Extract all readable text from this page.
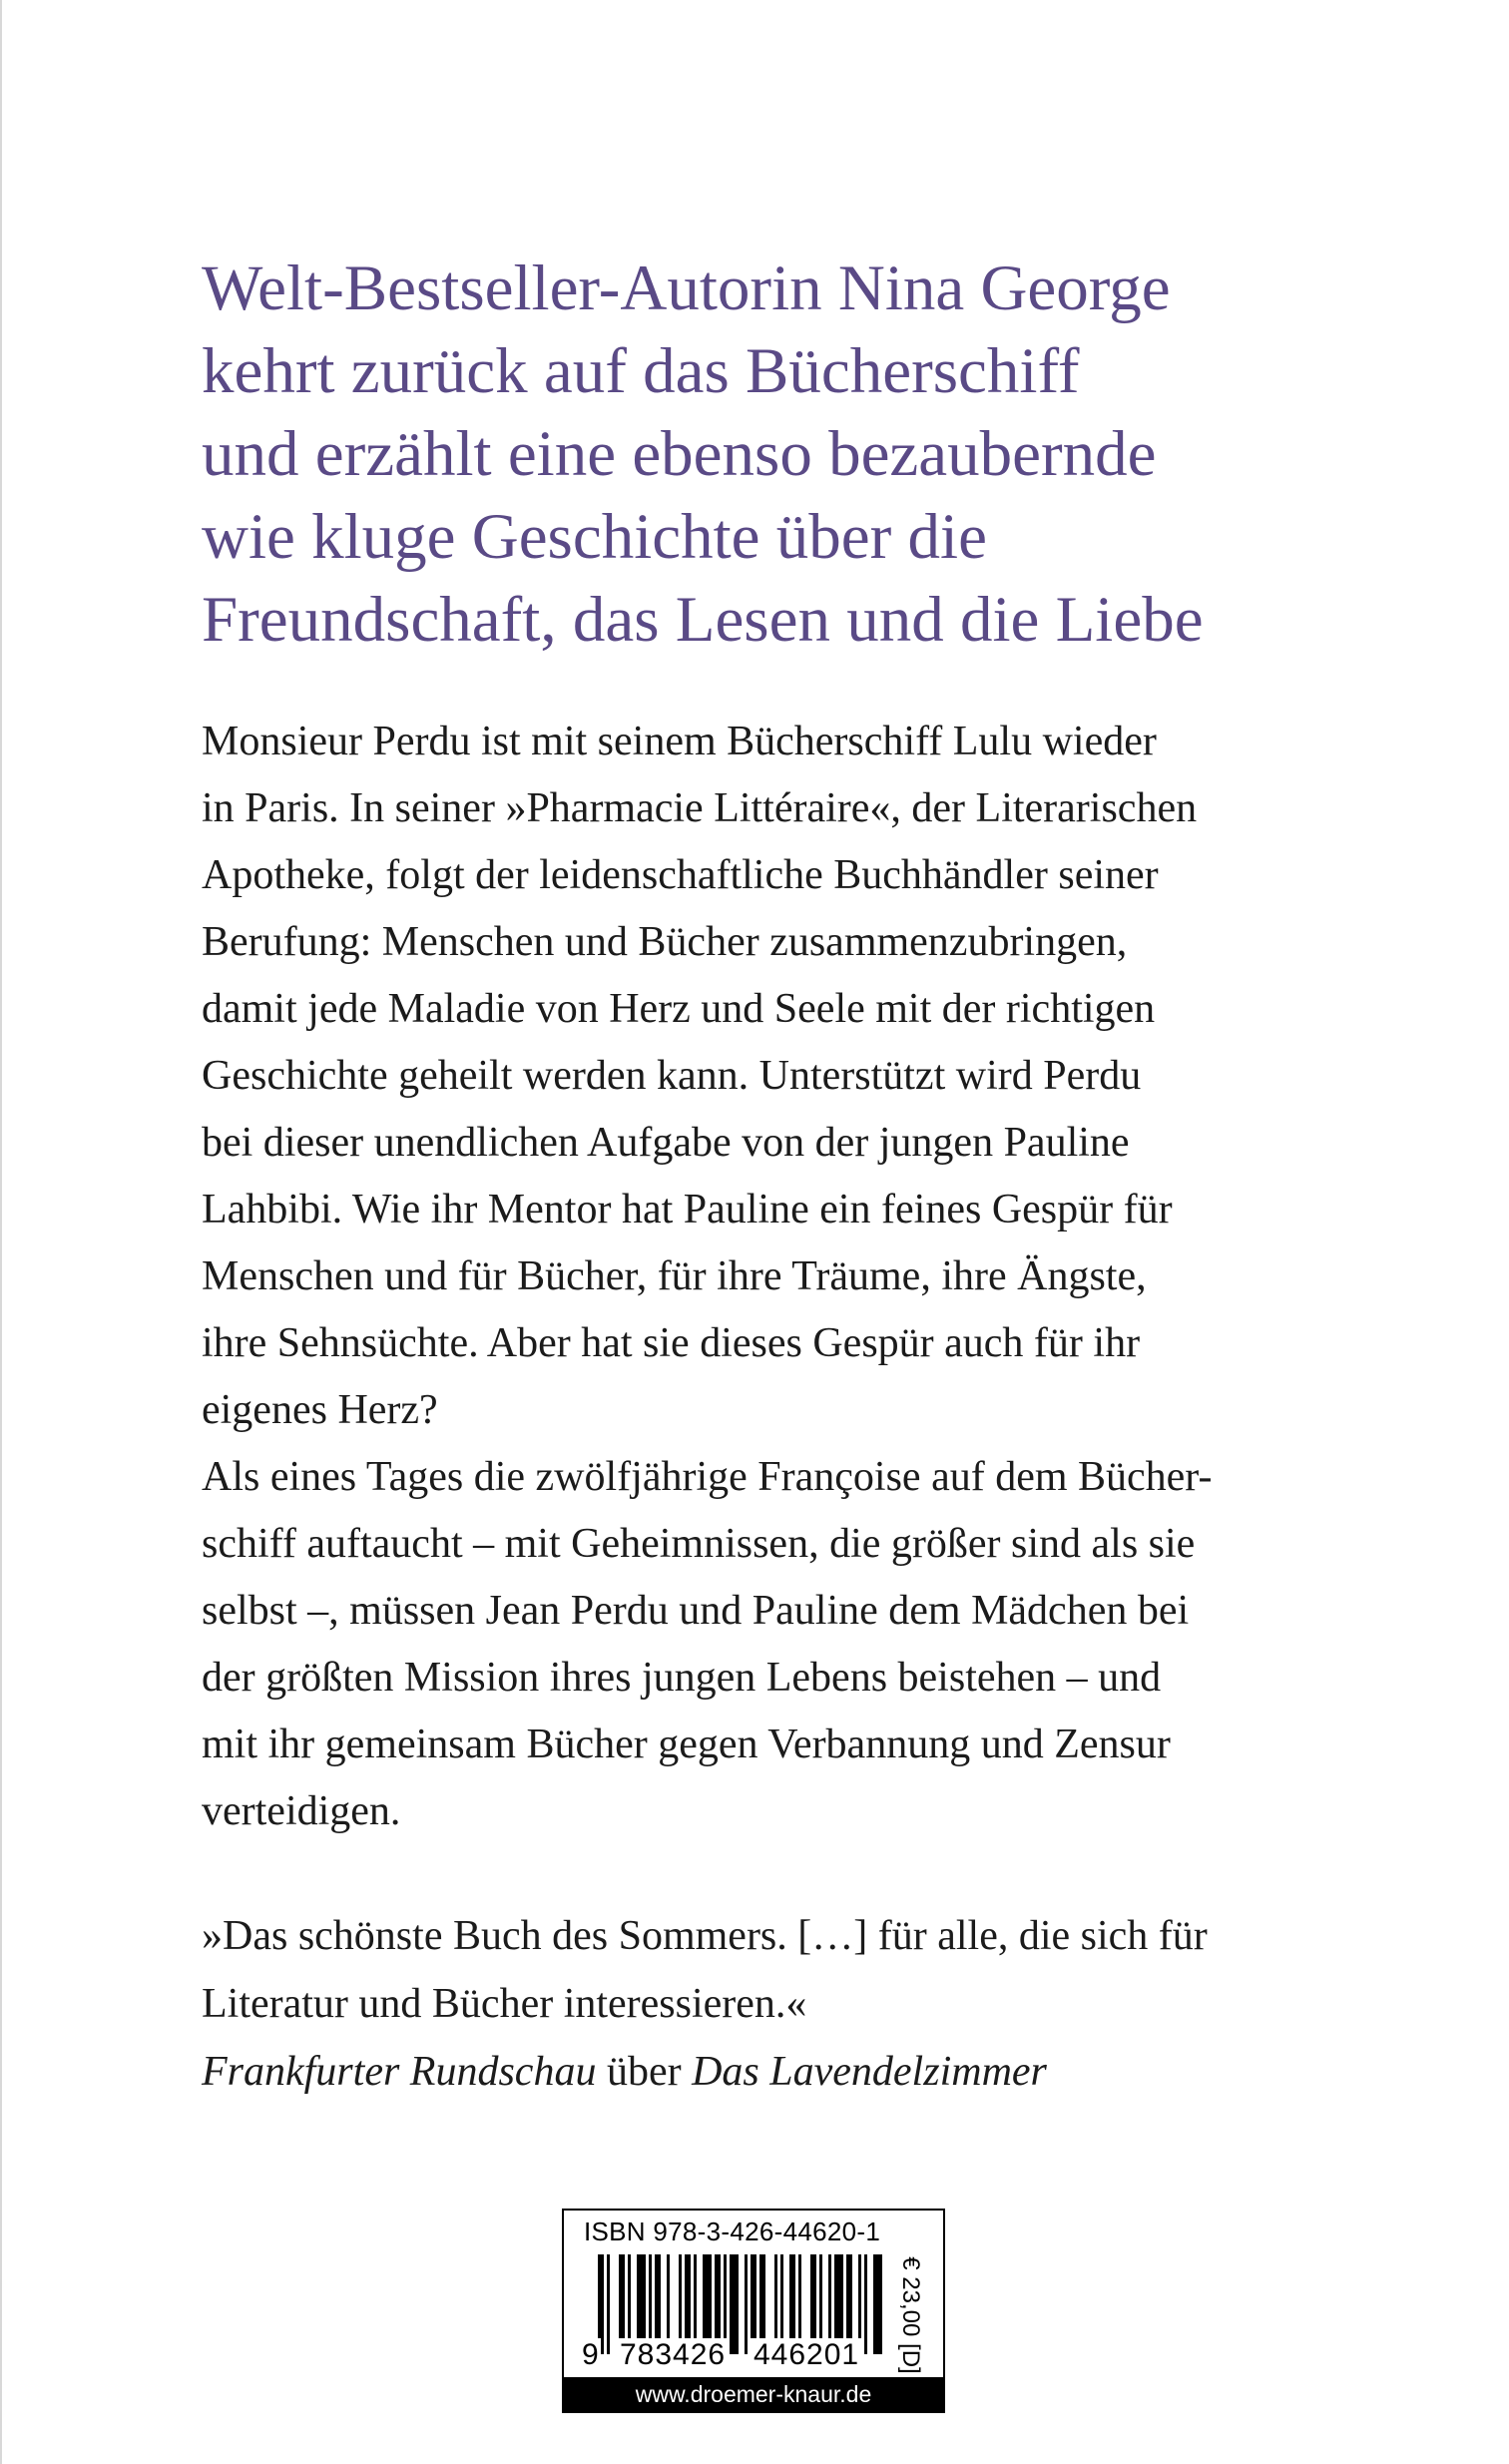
Welt-Bestseller-Autorin Nina George
kehrt zurück auf das Bücherschiff
und erzählt eine ebenso bezaubernde
wie kluge Geschichte über die
Freundschaft, das Lesen und die Liebe
Monsieur Perdu ist mit seinem Bücherschiff Lulu wieder
in Paris. In seiner »Pharmacie Littéraire«, der Literarischen
Apotheke, folgt der leidenschaftliche Buchhändler seiner
Berufung: Menschen und Bücher zusammenzubringen,
damit jede Maladie von Herz und Seele mit der richtigen
Geschichte geheilt werden kann. Unterstützt wird Perdu
bei dieser unendlichen Aufgabe von der jungen Pauline
Lahbibi. Wie ihr Mentor hat Pauline ein feines Gespür für
Menschen und für Bücher, für ihre Träume, ihre Ängste,
ihre Sehnsüchte. Aber hat sie dieses Gespür auch für ihr
eigenes Herz?
Als eines Tages die zwölfjährige Françoise auf dem Bücher-
schiff auftaucht – mit Geheimnissen, die größer sind als sie
selbst –, müssen Jean Perdu und Pauline dem Mädchen bei
der größten Mission ihres jungen Lebens beistehen – und
mit ihr gemeinsam Bücher gegen Verbannung und Zensur
verteidigen.
»Das schönste Buch des Sommers. […] für alle, die sich für
Literatur und Bücher interessieren.«
Frankfurter Rundschau über Das Lavendelzimmer
ISBN 978-3-426-44620-1
9 783426 446201 € 23,00 [D]
www.droemer-knaur.de
